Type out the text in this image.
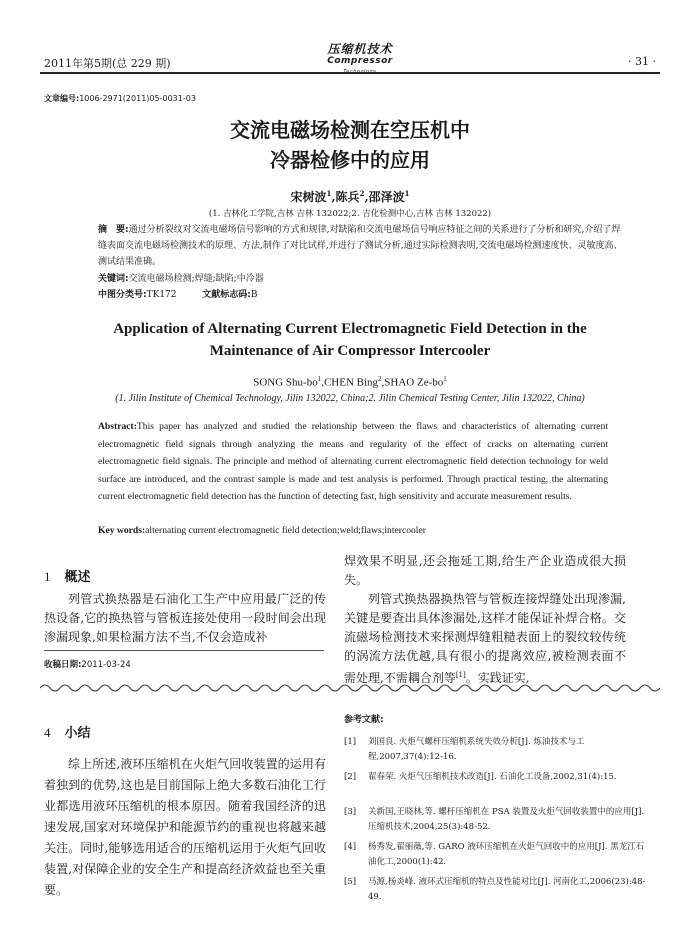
2011年第5期(总 229 期)
压缩机技术
Compressor Technology
· 31 ·
文章编号:1006-2971(2011)05-0031-03
交流电磁场检测在空压机中
冷器检修中的应用
宋树波$^1$,陈兵$^2$,邵泽波$^1$
(1. 吉林化工学院,吉林 吉林 132022;2. 吉化检测中心,吉林 吉林 132022)
摘　要:通过分析裂纹对交流电磁场信号影响的方式和规律,对缺陷和交流电磁场信号响应特征之间的关系进行了分析和研究,介绍了焊缝表面交流电磁场检测技术的原理、方法,制作了对比试样,并进行了测试分析,通过实际检测表明,交流电磁场检测速度快、灵敏度高、测试结果准确。
关键词:交流电磁场检测;焊缝;缺陷;中冷器
中图分类号:TK172	文献标志码:B
Application of Alternating Current Electromagnetic Field Detection in the
Maintenance of Air Compressor Intercooler
SONG Shu-$bo^1,CHEN$ Bing$^2$,SHAO $Ze-bo^1$
(1. Jilin Institute of Chemical Technology, Jilin 132022, China;2. Jilin Chemical Testing Center, Jilin 132022, China)
Abstract:This paper has analyzed and studied the relationship between the flaws and characteristics of alternating current electromagnetic field signals through analyzing the means and regularity of the effect of cracks on alternating current electromagnetic field signals. The principle and method of alternating current electromagnetic field detection technology for weld surface are introduced, and the contrast sample is made and test analysis is performed. Through practical testing, the alternating current electromagnetic field detection has the function of detecting fast, high sensitivity and accurate measurement results.
Key words:alternating current electromagnetic field detection;weld;flaws;intercooler
1 概述
列管式换热器是石油化工生产中应用最广泛的传热设备,它的换热管与管板连接处使用一段时间会出现渗漏现象,如果检漏方法不当,不仅会造成补
收稿日期:2011-03-24
焊效果不明显,还会拖延工期,给生产企业造成很大损失。
列管式换热器换热管与管板连接焊缝处出现渗漏,关键是要查出具体渗漏处,这样才能保证补焊合格。交流磁场检测技术来探测焊缝粗糙表面上的裂纹较传统的涡流方法优越,具有很小的提离效应,被检测表面不需处理,不需耦合剂等[1]。实践证实,
4 小结
综上所述,液环压缩机在火炬气回收装置的运用有着独到的优势,这也是目前国际上绝大多数石油化工行业都选用液环压缩机的根本原因。随着我国经济的迅速发展,国家对环境保护和能源节约的重视也将越来越关注。同时,能够选用适合的压缩机运用于火炬气回收装置,对保障企业的安全生产和提高经济效益也至关重要。
参考文献:
[1] 刘国良. 火炬气螺杆压缩机系统失效分析[J]. 炼油技术与工程,2007,37(4):12-16.
[2] 翟春荣. 火炬气压缩机技术改造[J]. 石油化工设备,2002,31(4):15.
[3] 关新国,王晓林,等. 螺杆压缩机在 PSA 装置及火炬气回收装置中的应用[J]. 压缩机技术,2004,25(3):48-52.
[4] 杨秀发,翟丽薇,等. GARO 液环压缩机在火炬气回收中的应用[J]. 黑龙江石油化工,2000(1):42.
[5] 马源,杨炎峰. 液环式压缩机的特点及性能对比[J]. 河南化工,2006(23):48-49.
